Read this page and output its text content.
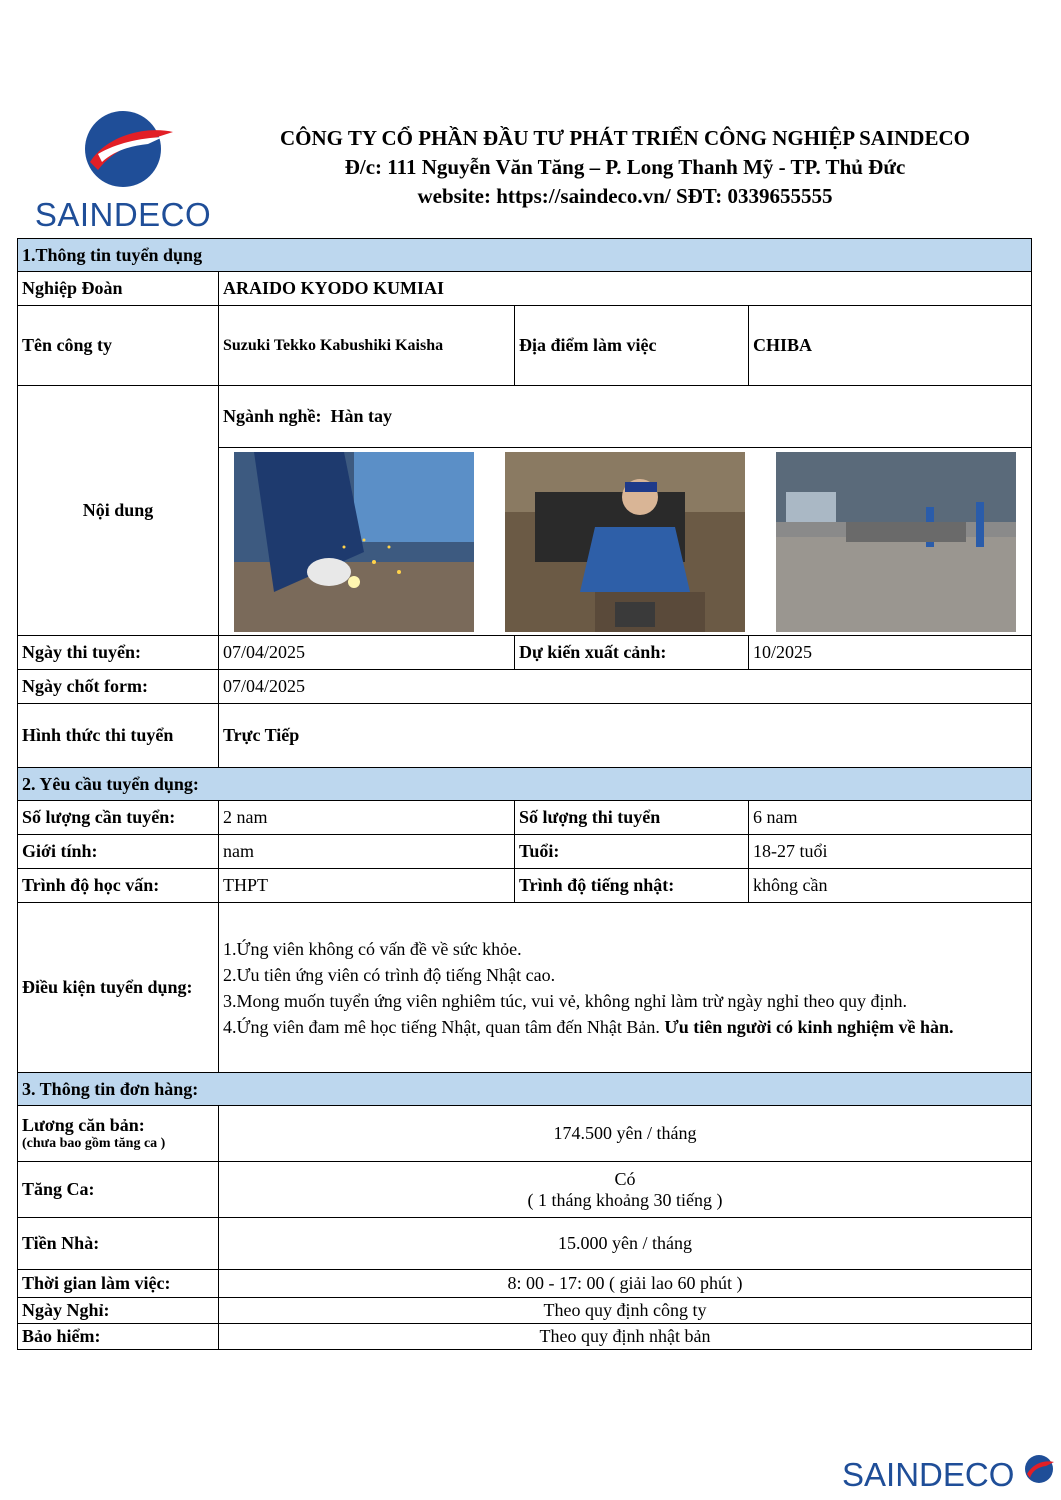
SAINDECO
CÔNG TY CỔ PHẦN ĐẦU TƯ PHÁT TRIỂN CÔNG NGHIỆP SAINDECO
Đ/c: 111 Nguyễn Văn Tăng – P. Long Thanh Mỹ - TP. Thủ Đức
website: https://saindeco.vn/ SĐT: 0339655555
1.Thông tin tuyển dụng			
Nghiệp Đoàn	ARAIDO KYODO KUMIAI		
Tên công ty	Suzuki Tekko Kabushiki Kaisha	Địa điểm làm việc	CHIBA
Nội dung	Ngành nghề: Hàn tay		

Ngày thi tuyển:	07/04/2025	Dự kiến xuất cảnh:	10/2025
Ngày chốt form:	07/04/2025		
Hình thức thi tuyển	Trực Tiếp		
2. Yêu cầu tuyển dụng:			
Số lượng cần tuyển:	2 nam	Số lượng thi tuyển	6 nam
Giới tính:	nam	Tuổi:	18-27 tuổi
Trình độ học vấn:	THPT	Trình độ tiếng nhật:	không cần
Điều kiện tuyển dụng:	1.Ứng viên không có vấn đề về sức khỏe.
2.Ưu tiên ứng viên có trình độ tiếng Nhật cao.
3.Mong muốn tuyển ứng viên nghiêm túc, vui vẻ, không nghỉ làm trừ ngày nghỉ theo quy định.
4.Ứng viên đam mê học tiếng Nhật, quan tâm đến Nhật Bản. Ưu tiên người có kinh nghiệm về hàn.		

3. Thông tin đơn hàng:			

Lương căn bản:
(chưa bao gồm tăng ca )	174.500 yên / tháng		
Tăng Ca:	Có
( 1 tháng khoảng 30 tiếng )		

Tiền Nhà:	15.000 yên / tháng		
Thời gian làm việc:	8: 00 - 17: 00 ( giải lao 60 phút )		
Ngày Nghỉ:	Theo quy định công ty		
Bảo hiểm:	Theo quy định nhật bản		
SAINDECO
